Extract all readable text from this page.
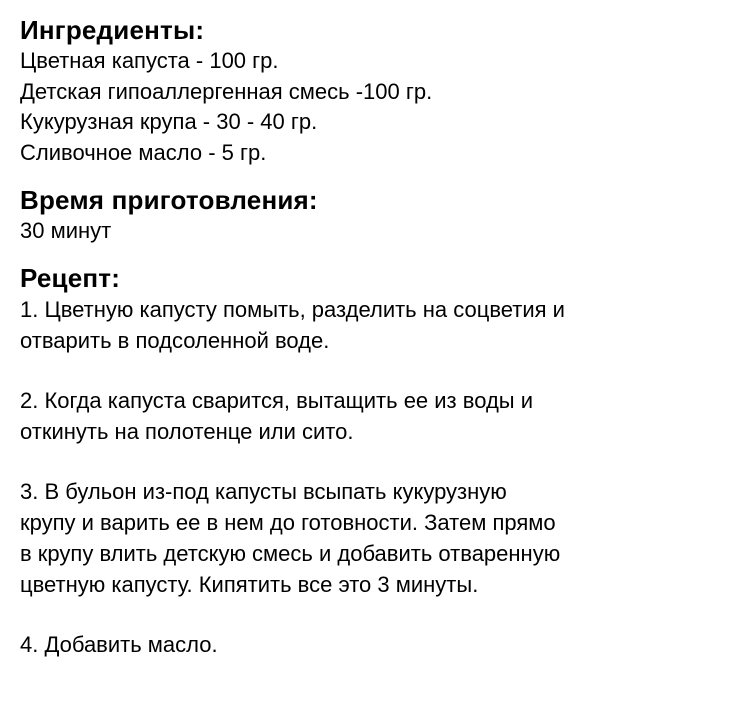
Ингредиенты:

Цветная капуста - 100 гр.

Детская гипоаллергенная смесь -100 гр.

Кукурузная крупа - 30 - 40 гр.

Сливочное масло - 5 гр.

Время приготовления:

30 минут

Рецепт:
1. Цветную капусту помыть, разделить на соцветия и
отварить в подсоленной воде.
2. Когда капуста сварится, вытащить ее из воды и
откинуть на полотенце или сито.
3. В бульон из-под капусты всыпать кукурузную
крупу и варить ее в нем до готовности. Затем прямо
в крупу влить детскую смесь и добавить отваренную
цветную капусту. Кипятить все это 3 минуты.
4. Добавить масло.
